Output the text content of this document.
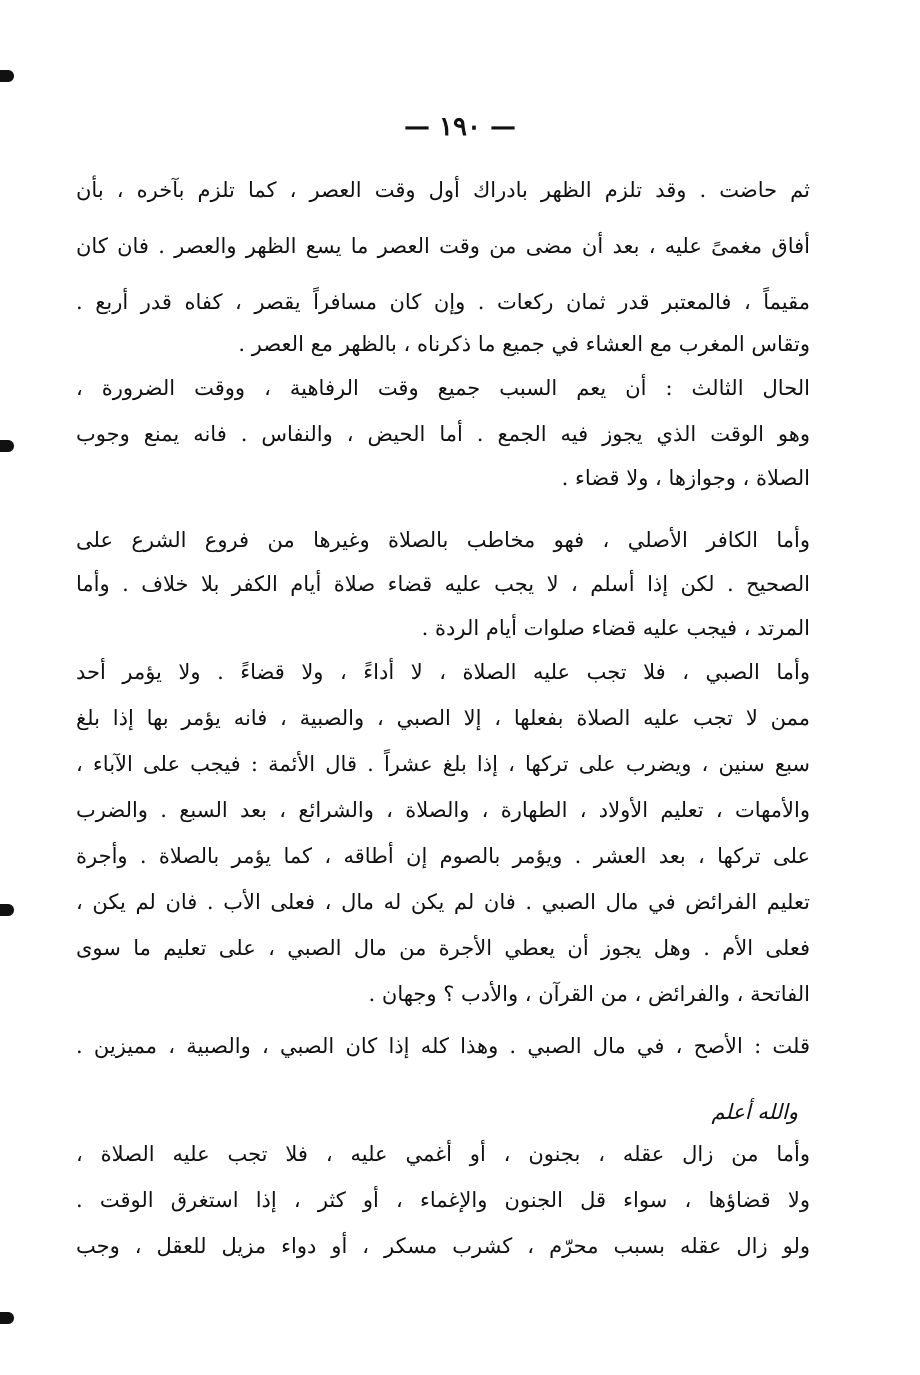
— ١٩٠ —
ثم حاضت . وقد تلزم الظهر بادراك أول وقت العصر ، كما تلزم بآخره ، بأن
أفاق مغمىً عليه ، بعد أن مضى من وقت العصر ما يسع الظهر والعصر . فان كان
مقيماً ، فالمعتبر قدر ثمان ركعات . وإن كان مسافراً يقصر ، كفاه قدر أربع .
وتقاس المغرب مع العشاء في جميع ما ذكرناه ، بالظهر مع العصر .
الحال الثالث : أن يعم السبب جميع وقت الرفاهية ، ووقت الضرورة ،
وهو الوقت الذي يجوز فيه الجمع . أما الحيض ، والنفاس . فانه يمنع وجوب
الصلاة ، وجوازها ، ولا قضاء .
وأما الكافر الأصلي ، فهو مخاطب بالصلاة وغيرها من فروع الشرع على
الصحيح . لكن إذا أسلم ، لا يجب عليه قضاء صلاة أيام الكفر بلا خلاف . وأما
المرتد ، فيجب عليه قضاء صلوات أيام الردة .
وأما الصبي ، فلا تجب عليه الصلاة ، لا أداءً ، ولا قضاءً . ولا يؤمر أحد
ممن لا تجب عليه الصلاة بفعلها ، إلا الصبي ، والصبية ، فانه يؤمر بها إذا بلغ
سبع سنين ، ويضرب على تركها ، إذا بلغ عشراً . قال الأئمة : فيجب على الآباء ،
والأمهات ، تعليم الأولاد ، الطهارة ، والصلاة ، والشرائع ، بعد السبع . والضرب
على تركها ، بعد العشر . ويؤمر بالصوم إن أطاقه ، كما يؤمر بالصلاة . وأجرة
تعليم الفرائض في مال الصبي . فان لم يكن له مال ، فعلى الأب . فان لم يكن ،
فعلى الأم . وهل يجوز أن يعطي الأجرة من مال الصبي ، على تعليم ما سوى
الفاتحة ، والفرائض ، من القرآن ، والأدب ؟ وجهان .
قلت : الأصح ، في مال الصبي . وهذا كله إذا كان الصبي ، والصبية ، مميزين .
وأما من زال عقله ، بجنون ، أو أغمي عليه ، فلا تجب عليه الصلاة ،
ولا قضاؤها ، سواء قل الجنون والإغماء ، أو كثر ، إذا استغرق الوقت .
ولو زال عقله بسبب محرّم ، كشرب مسكر ، أو دواء مزيل للعقل ، وجب
والله أعلم
